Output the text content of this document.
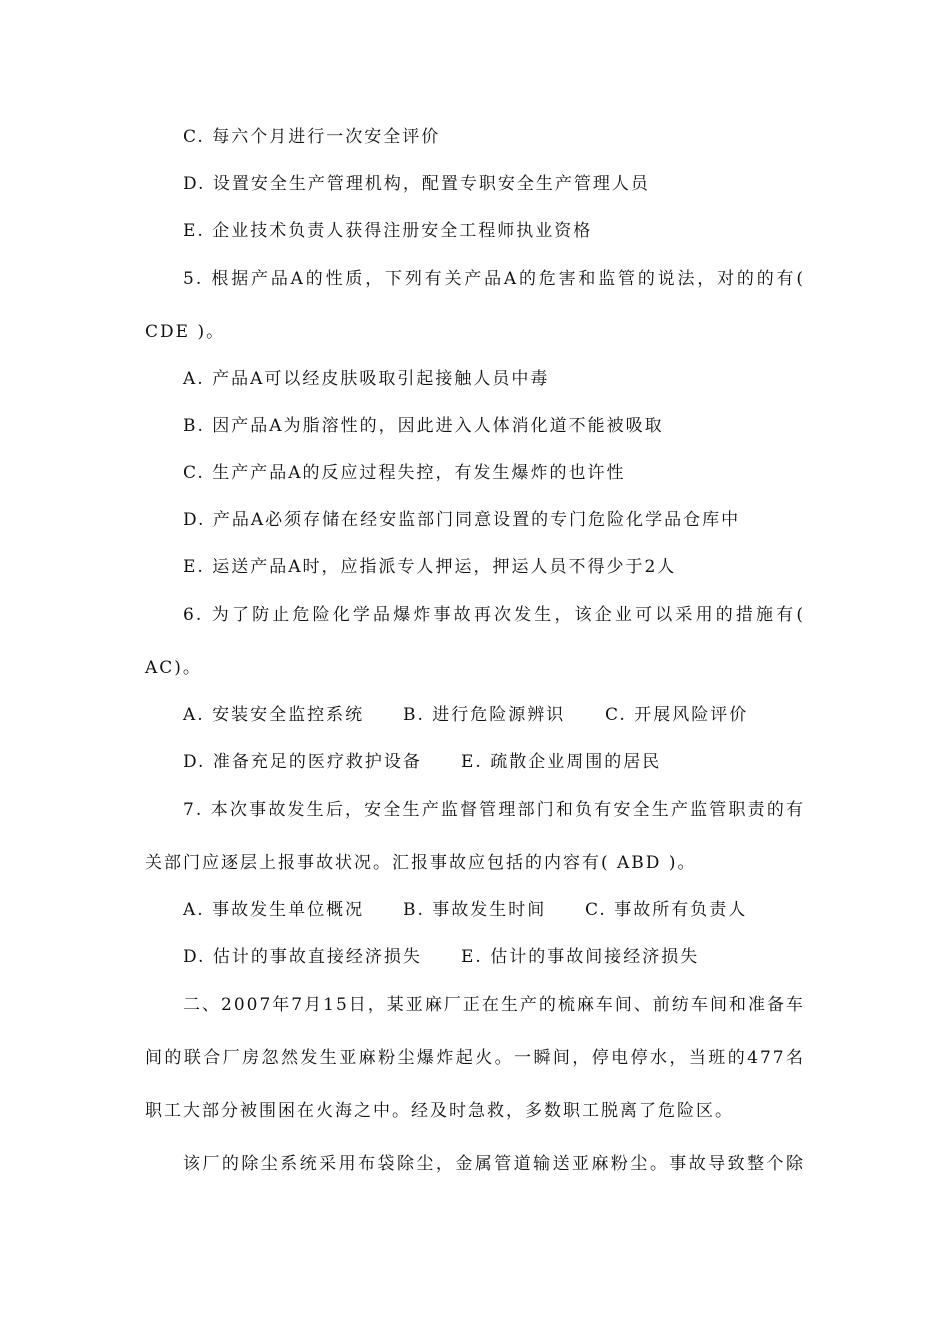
C. 每六个月进行一次安全评价
D. 设置安全生产管理机构，配置专职安全生产管理人员
E. 企业技术负责人获得注册安全工程师执业资格
5. 根据产品A的性质，下列有关产品A的危害和监管的说法，对的的有(
CDE )。
A. 产品A可以经皮肤吸取引起接触人员中毒
B. 因产品A为脂溶性的，因此进入人体消化道不能被吸取
C. 生产产品A的反应过程失控，有发生爆炸的也许性
D. 产品A必须存储在经安监部门同意设置的专门危险化学品仓库中
E. 运送产品A时，应指派专人押运，押运人员不得少于2人
6. 为了防止危险化学品爆炸事故再次发生，该企业可以采用的措施有(
AC)。
A. 安装安全监控系统 B. 进行危险源辨识 C. 开展风险评价
D. 准备充足的医疗救护设备 E. 疏散企业周围的居民
7. 本次事故发生后，安全生产监督管理部门和负有安全生产监管职责的有
关部门应逐层上报事故状况。汇报事故应包括的内容有( ABD )。
A. 事故发生单位概况 B. 事故发生时间 C. 事故所有负责人
D. 估计的事故直接经济损失 E. 估计的事故间接经济损失
二、2007年7月15日，某亚麻厂正在生产的梳麻车间、前纺车间和准备车
间的联合厂房忽然发生亚麻粉尘爆炸起火。一瞬间，停电停水，当班的477名
职工大部分被围困在火海之中。经及时急救，多数职工脱离了危险区。
该厂的除尘系统采用布袋除尘，金属管道输送亚麻粉尘。事故导致整个除
